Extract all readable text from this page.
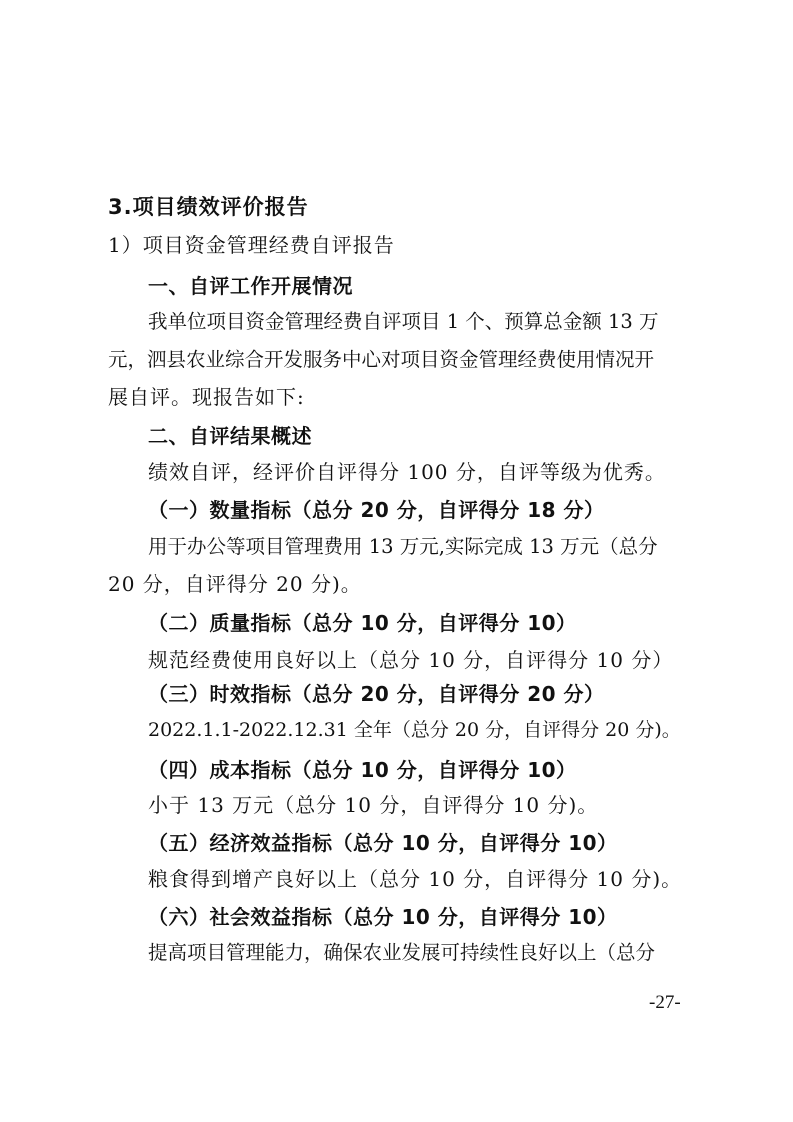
3.项目绩效评价报告
1）项目资金管理经费自评报告
一、自评工作开展情况
我单位项目资金管理经费自评项目 1 个、预算总金额 13 万
元，泗县农业综合开发服务中心对项目资金管理经费使用情况开
展自评。现报告如下:
二、自评结果概述
绩效自评，经评价自评得分 100 分，自评等级为优秀。
（一）数量指标（总分 20 分，自评得分 18 分）
用于办公等项目管理费用 13 万元,实际完成 13 万元（总分
20 分，自评得分 20 分)。
（二）质量指标（总分 10 分，自评得分 10）
规范经费使用良好以上（总分 10 分，自评得分 10 分）
（三）时效指标（总分 20 分，自评得分 20 分）
2022.1.1-2022.12.31 全年（总分 20 分，自评得分 20 分)。
（四）成本指标（总分 10 分，自评得分 10）
小于 13 万元（总分 10 分，自评得分 10 分)。
（五）经济效益指标（总分 10 分，自评得分 10）
粮食得到增产良好以上（总分 10 分，自评得分 10 分)。
（六）社会效益指标（总分 10 分，自评得分 10）
提高项目管理能力，确保农业发展可持续性良好以上（总分
-27-
